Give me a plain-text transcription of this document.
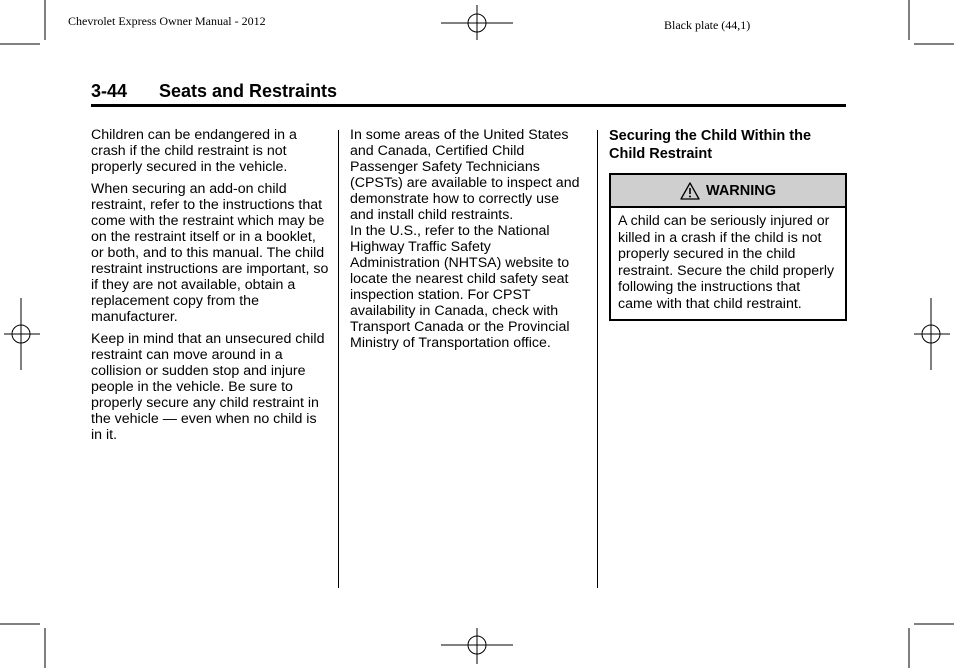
Chevrolet Express Owner Manual - 2012	Black plate (44,1)
3-44 Seats and Restraints

Children can be endangered in a crash if the child restraint is not properly secured in the vehicle.

When securing an add-on child restraint, refer to the instructions that come with the restraint which may be on the restraint itself or in a booklet, or both, and to this manual. The child restraint instructions are important, so if they are not available, obtain a replacement copy from the manufacturer.

Keep in mind that an unsecured child restraint can move around in a collision or sudden stop and injure people in the vehicle. Be sure to properly secure any child restraint in the vehicle — even when no child is in it.

In some areas of the United States and Canada, Certified Child Passenger Safety Technicians (CPSTs) are available to inspect and demonstrate how to correctly use and install child restraints.

In the U.S., refer to the National Highway Traffic Safety Administration (NHTSA) website to locate the nearest child safety seat inspection station. For CPST availability in Canada, check with Transport Canada or the Provincial Ministry of Transportation office.

Securing the Child Within the Child Restraint
WARNING
A child can be seriously injured or killed in a crash if the child is not properly secured in the child restraint. Secure the child properly following the instructions that came with that child restraint.
